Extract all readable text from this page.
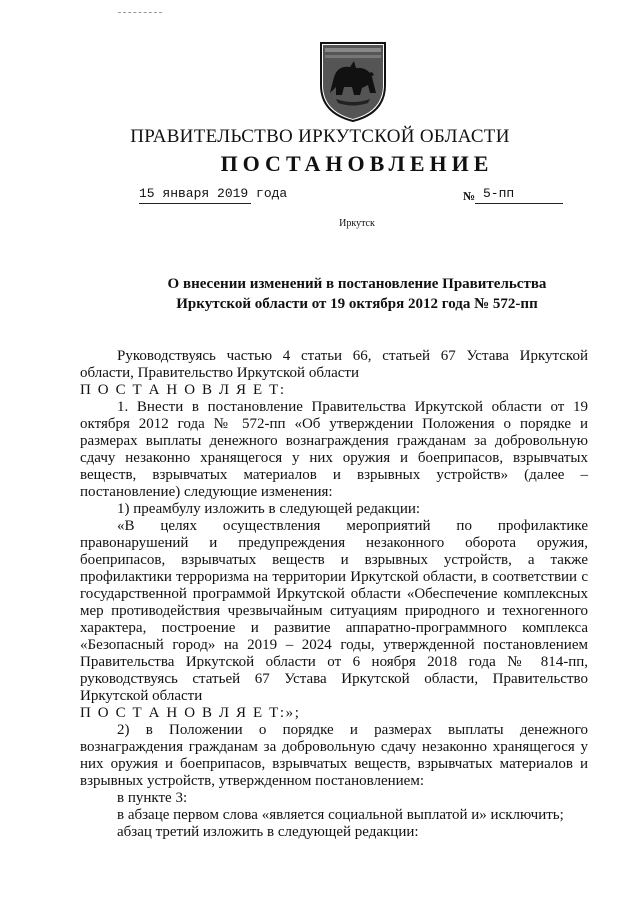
ПРАВИТЕЛЬСТВО ИРКУТСКОЙ ОБЛАСТИ
ПОСТАНОВЛЕНИЕ
15 января 2019 года	№ 5-пп
Иркутск
О внесении изменений в постановление Правительства
Иркутской области от 19 октября 2012 года № 572-пп

Руководствуясь частью 4 статьи 66, статьей 67 Устава Иркутской области, Правительство Иркутской области

П О С Т А Н О В Л Я Е Т:

1. Внести в постановление Правительства Иркутской области от 19 октября 2012 года № 572-пп «Об утверждении Положения о порядке и размерах выплаты денежного вознаграждения гражданам за добровольную сдачу незаконно хранящегося у них оружия и боеприпасов, взрывчатых веществ, взрывчатых материалов и взрывных устройств» (далее – постановление) следующие изменения:

1) преамбулу изложить в следующей редакции:

«В целях осуществления мероприятий по профилактике правонарушений и предупреждения незаконного оборота оружия, боеприпасов, взрывчатых веществ и взрывных устройств, а также профилактики терроризма на территории Иркутской области, в соответствии с государственной программой Иркутской области «Обеспечение комплексных мер противодействия чрезвычайным ситуациям природного и техногенного характера, построение и развитие аппаратно-программного комплекса «Безопасный город» на 2019 – 2024 годы, утвержденной постановлением Правительства Иркутской области от 6 ноября 2018 года № 814-пп, руководствуясь статьей 67 Устава Иркутской области, Правительство Иркутской области

П О С Т А Н О В Л Я Е Т:»;

2) в Положении о порядке и размерах выплаты денежного вознаграждения гражданам за добровольную сдачу незаконно хранящегося у них оружия и боеприпасов, взрывчатых веществ, взрывчатых материалов и взрывных устройств, утвержденном постановлением:

в пункте 3:

в абзаце первом слова «является социальной выплатой и» исключить;

абзац третий изложить в следующей редакции:
